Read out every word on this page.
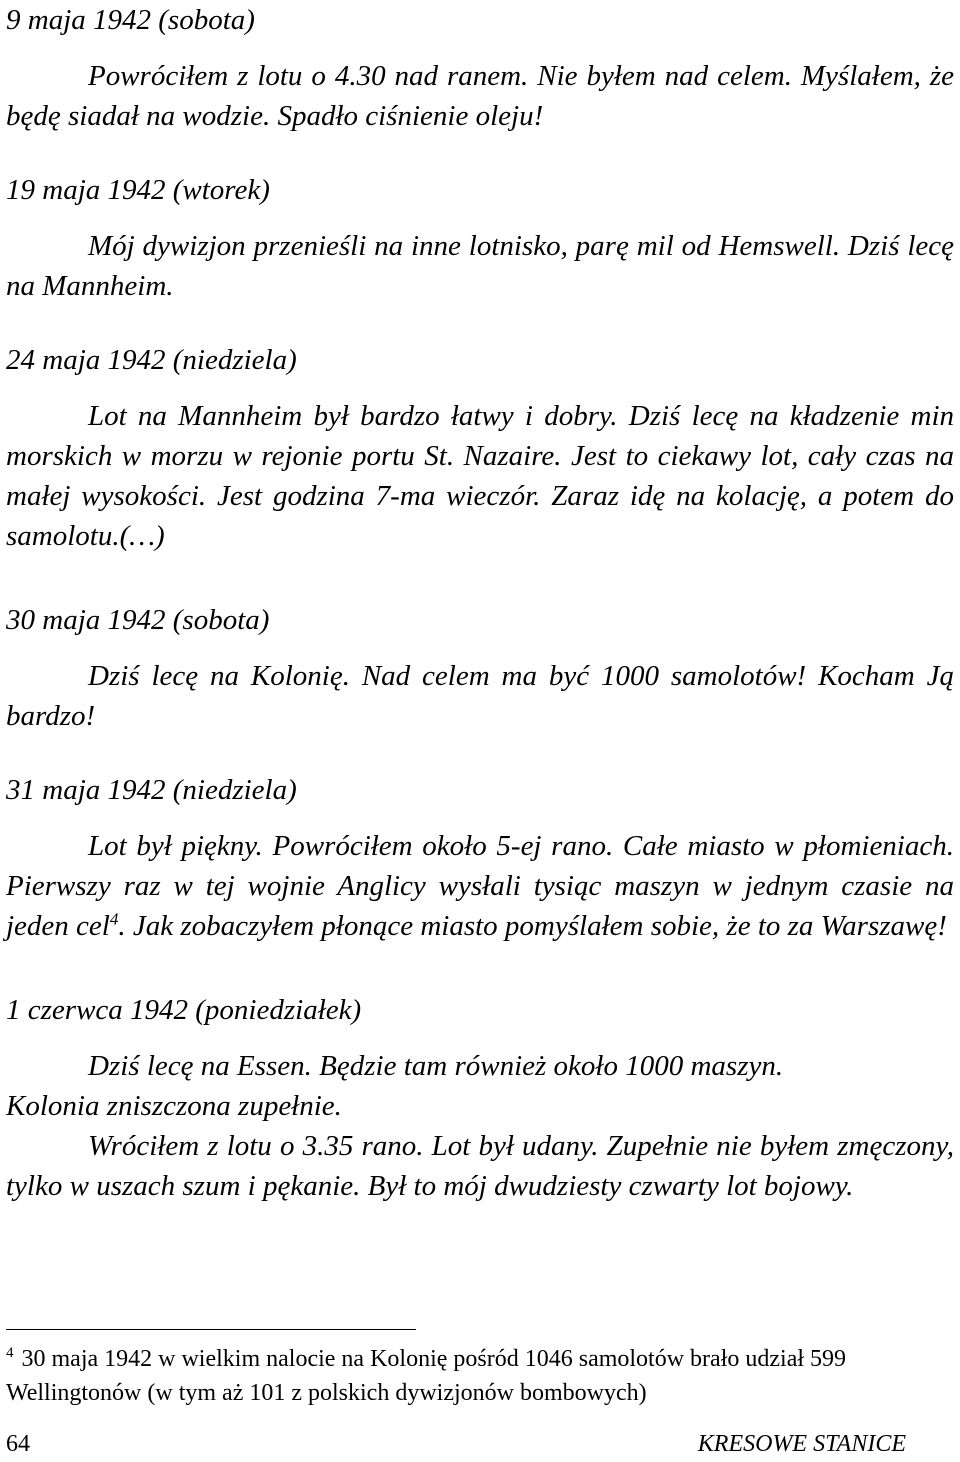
9 maja 1942 (sobota)

Powróciłem z lotu o 4.30 nad ranem. Nie byłem nad celem. Myślałem, że będę siadał na wodzie. Spadło ciśnienie oleju!

19 maja 1942 (wtorek)

Mój dywizjon przenieśli na inne lotnisko, parę mil od Hemswell. Dziś lecę na Mannheim.

24 maja 1942 (niedziela)

Lot na Mannheim był bardzo łatwy i dobry. Dziś lecę na kładzenie min morskich w morzu w rejonie portu St. Nazaire. Jest to ciekawy lot, cały czas na małej wysokości. Jest godzina 7-ma wieczór. Zaraz idę na kolację, a potem do samolotu.(…)

30 maja 1942 (sobota)

Dziś lecę na Kolonię. Nad celem ma być 1000 samolotów! Kocham Ją bardzo!

31 maja 1942 (niedziela)

Lot był piękny. Powróciłem około 5-ej rano. Całe miasto w płomieniach. Pierwszy raz w tej wojnie Anglicy wysłali tysiąc maszyn w jednym czasie na jeden cel$^4$. Jak zobaczyłem płonące miasto pomyślałem sobie, że to za Warszawę!

1 czerwca 1942 (poniedziałek)

Dziś lecę na Essen. Będzie tam również około 1000 maszyn.

Kolonia zniszczona zupełnie.

Wróciłem z lotu o 3.35 rano. Lot był udany. Zupełnie nie byłem zmęczony, tylko w uszach szum i pękanie. Był to mój dwudziesty czwarty lot bojowy.

$^4$ 30 maja 1942 w wielkim nalocie na Kolonię pośród 1046 samolotów brało udział 599 Wellingtonów (w tym aż 101 z polskich dywizjonów bombowych)

64	KRESOWE STANICE
